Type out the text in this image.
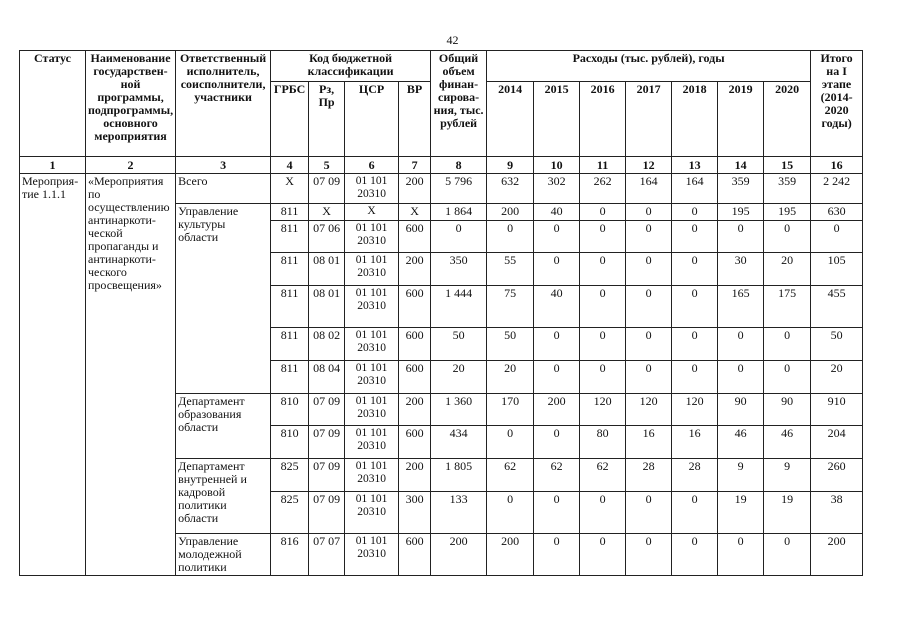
42
Статус	Наименование государствен-ной программы, подпрограммы, основного мероприятия	Ответственный исполнитель, соисполнители, участники	Код бюджетной классификации				Общий объем финан-сирова-ния, тыс. рублей	Расходы (тыс. рублей), годы							Итого на I этапе (2014-2020 годы)
			ГРБС	Рз, Пр	ЦСР	ВР		2014	2015	2016	2017	2018	2019	2020	
1	2	3	4	5	6	7	8	9	10	11	12	13	14	15	16
Мероприя-тие 1.1.1	«Мероприятия по осуществлению антинаркоти-ческой пропаганды и антинаркоти-ческого просвещения»	Всего	X	07 09	01 101 20310	200	5 796	632	302	262	164	164	359	359	2 242
		Управление культуры области	811	X	X	X	1 864	200	40	0	0	0	195	195	630
			811	07 06	01 101 20310	600	0	0	0	0	0	0	0	0	0
			811	08 01	01 101 20310	200	350	55	0	0	0	0	30	20	105
			811	08 01	01 101 20310	600	1 444	75	40	0	0	0	165	175	455
			811	08 02	01 101 20310	600	50	50	0	0	0	0	0	0	50
			811	08 04	01 101 20310	600	20	20	0	0	0	0	0	0	20
		Департамент образования области	810	07 09	01 101 20310	200	1 360	170	200	120	120	120	90	90	910
			810	07 09	01 101 20310	600	434	0	0	80	16	16	46	46	204
		Департамент внутренней и кадровой политики области	825	07 09	01 101 20310	200	1 805	62	62	62	28	28	9	9	260
			825	07 09	01 101 20310	300	133	0	0	0	0	0	19	19	38
		Управление молодежной политики	816	07 07	01 101 20310	600	200	200	0	0	0	0	0	0	200
